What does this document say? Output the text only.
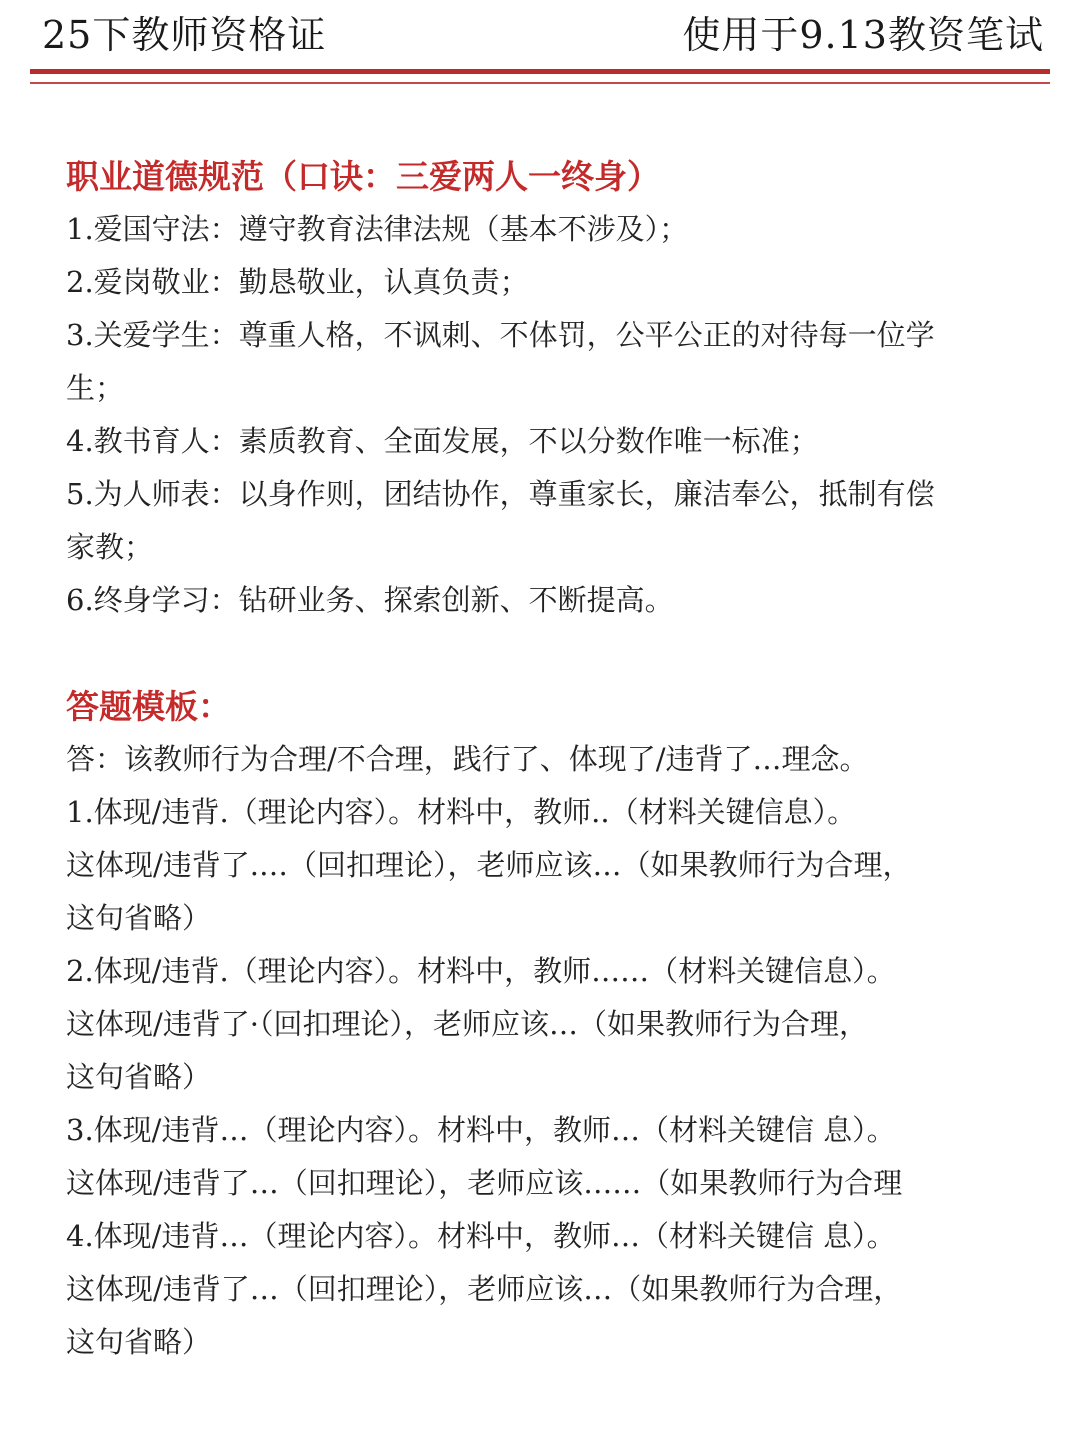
25下教师资格证	使用于9.13教资笔试
职业道德规范（口诀：三爱两人一终身）
1.爱国守法：遵守教育法律法规（基本不涉及）；
2.爱岗敬业：勤恳敬业，认真负责；
3.关爱学生：尊重人格，不讽刺、不体罚，公平公正的对待每一位学
生；
4.教书育人：素质教育、全面发展，不以分数作唯一标准；
5.为人师表：以身作则，团结协作，尊重家长，廉洁奉公，抵制有偿
家教；
6.终身学习：钻研业务、探索创新、不断提高。
答题模板：
答：该教师行为合理/不合理，践行了、体现了/违背了…理念。
1.体现/违背.（理论内容）。材料中，教师..（材料关键信息）。
这体现/违背了.…（回扣理论），老师应该…（如果教师行为合理，
这句省略）
2.体现/违背.（理论内容）。材料中，教师……（材料关键信息）。
这体现/违背了·（回扣理论），老师应该…（如果教师行为合理，
这句省略）
3.体现/违背…（理论内容）。材料中，教师…（材料关键信 息）。
这体现/违背了…（回扣理论），老师应该……（如果教师行为合理
4.体现/违背…（理论内容）。材料中，教师…（材料关键信 息）。
这体现/违背了…（回扣理论），老师应该…（如果教师行为合理，
这句省略）
